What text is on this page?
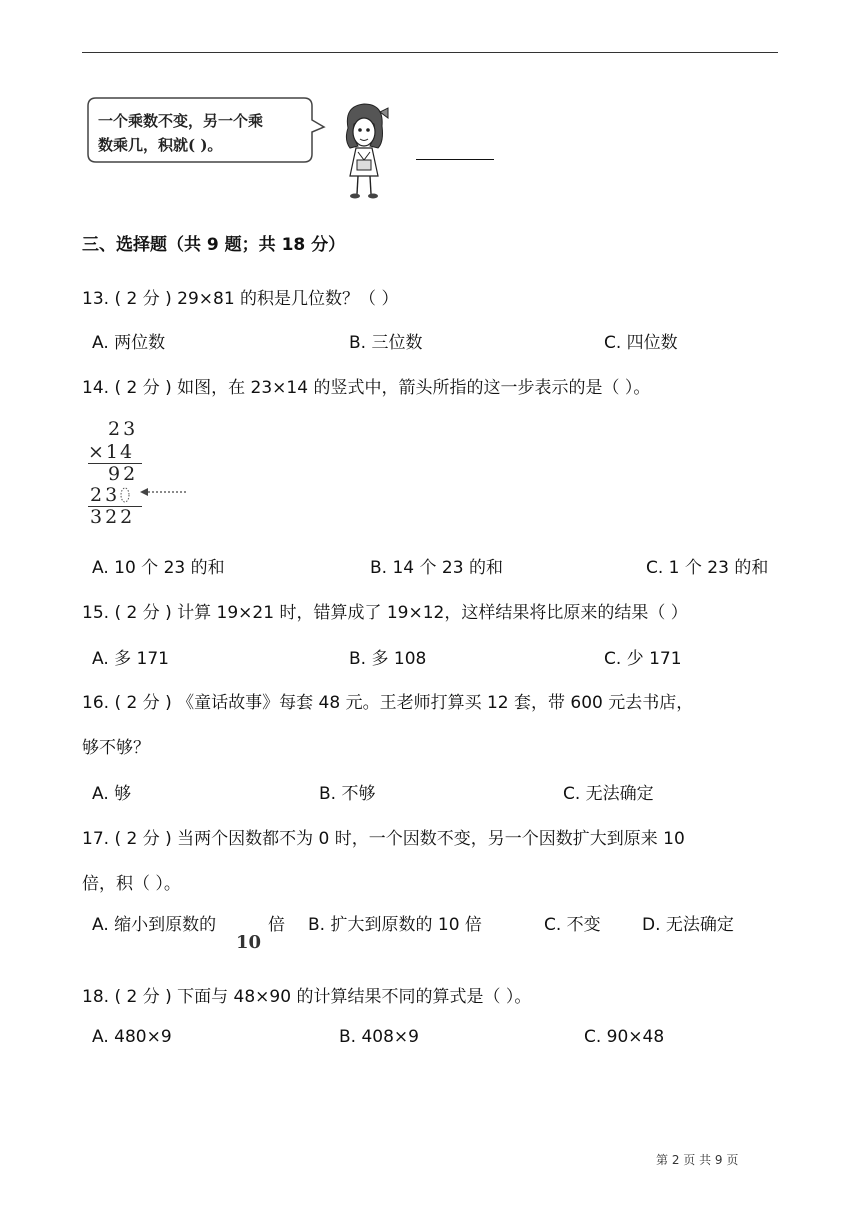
一个乘数不变，另一个乘
数乘几，积就( )。
三、选择题（共 9 题；共 18 分）
13. ( 2 分 ) 29×81 的积是几位数？（ ）
A. 两位数	B. 三位数	C. 四位数
14. ( 2 分 ) 如图，在 23×14 的竖式中，箭头所指的这一步表示的是（ ）。
23
×14
92
23
322
A. 10 个 23 的和	B. 14 个 23 的和	C. 1 个 23 的和
15. ( 2 分 ) 计算 19×21 时，错算成了 19×12，这样结果将比原来的结果（ ）
A. 多 171	B. 多 108	C. 少 171
16. ( 2 分 ) 《童话故事》每套 48 元。王老师打算买 12 套，带 600 元去书店，
够不够？
A. 够	B. 不够	C. 无法确定
17. ( 2 分 ) 当两个因数都不为 0 时，一个因数不变，另一个因数扩大到原来 10
倍，积（ ）。
A. 缩小到原数的
10
倍 B. 扩大到原数的 10 倍	C. 不变 D. 无法确定
18. ( 2 分 ) 下面与 48×90 的计算结果不同的算式是（ ）。
A. 480×9	B. 408×9	C. 90×48
第 2 页 共 9 页
